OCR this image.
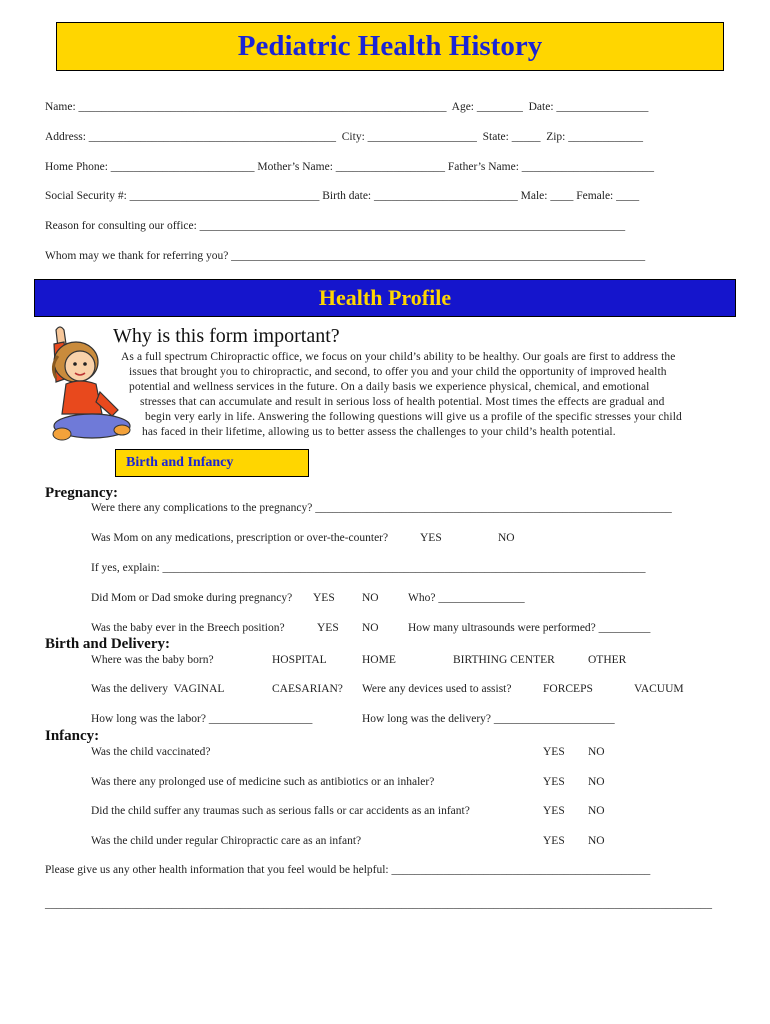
Pediatric Health History
Name: ________________________________________________________________  Age: ________  Date: ________________
Address: ___________________________________________  City: ___________________  State: _____  Zip: _____________
Home Phone: _________________________ Mother’s Name: ___________________ Father’s Name: _______________________
Social Security #: _________________________________ Birth date: _________________________ Male: ____ Female: ____
Reason for consulting our office: __________________________________________________________________________
Whom may we thank for referring you? ________________________________________________________________________
Health Profile
Why is this form important?
As a full spectrum Chiropractic office, we focus on your child’s ability to be healthy. Our goals are first to address the
issues that brought you to chiropractic, and second, to offer you and your child the opportunity of improved health
potential and wellness services in the future. On a daily basis we experience physical, chemical, and emotional
stresses that can accumulate and result in serious loss of health potential. Most times the effects are gradual and
begin very early in life. Answering the following questions will give us a profile of the specific stresses your child
has faced in their lifetime, allowing us to better assess the challenges to your child’s health potential.
Birth and Infancy
Pregnancy:
Were there any complications to the pregnancy? ______________________________________________________________
Was Mom on any medications, prescription or over-the-counter?	YES	NO
If yes, explain: ____________________________________________________________________________________
Did Mom or Dad smoke during pregnancy? YES NO	Who? _______________
Was the baby ever in the Breech position?	YES NO	How many ultrasounds were performed? _________
Birth and Delivery:
Where was the baby born?	HOSPITAL	HOME	BIRTHING CENTER	OTHER
Was the delivery  VAGINAL	CAESARIAN? Were any devices used to assist?	FORCEPS	VACUUM
How long was the labor? __________________	How long was the delivery? _____________________
Infancy:
Was the child vaccinated?	YES NO
Was there any prolonged use of medicine such as antibiotics or an inhaler?	YES NO
Did the child suffer any traumas such as serious falls or car accidents as an infant?	YES NO
Was the child under regular Chiropractic care as an infant?	YES NO
Please give us any other health information that you feel would be helpful: _____________________________________________
____________________________________________________________________________________________________________________
